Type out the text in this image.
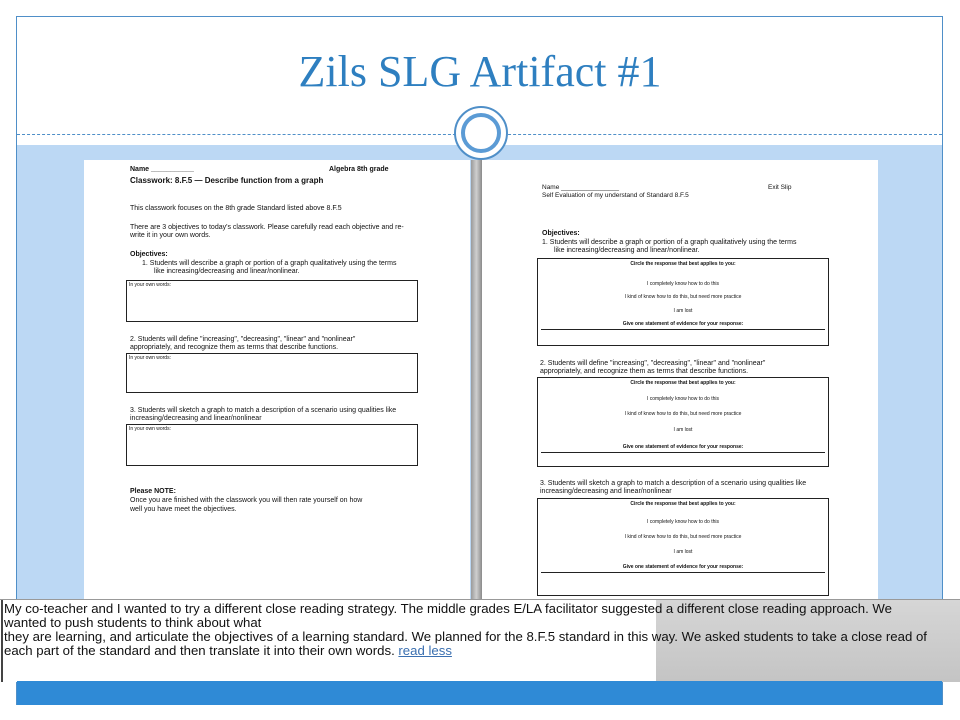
Zils SLG Artifact #1
Name ___________	Algebra 8th grade
Classwork: 8.F.5 — Describe function from a graph
This classwork focuses on the 8th grade Standard listed above 8.F.5
There are 3 objectives to today's classwork. Please carefully read each objective and re-
write it in your own words.
Objectives:
1. Students will describe a graph or portion of a graph qualitatively using the terms
like increasing/decreasing and linear/nonlinear.
In your own words:
2. Students will define "increasing", "decreasing", "linear" and "nonlinear"
appropriately, and recognize them as terms that describe functions.
In your own words:
3. Students will sketch a graph to match a description of a scenario using qualities like
increasing/decreasing and linear/nonlinear
In your own words:
Please NOTE:
Once you are finished with the classwork you will then rate yourself on how
well you have meet the objectives.
Name ________________	Exit Slip
Self Evaluation of my understand of Standard 8.F.5
Objectives:
1. Students will describe a graph or portion of a graph qualitatively using the terms
like increasing/decreasing and linear/nonlinear.
Circle the response that best applies to you:
I completely know how to do this
I kind of know how to do this, but need more practice
I am lost
Give one statement of evidence for your response:
2. Students will define "increasing", "decreasing", "linear" and "nonlinear"
appropriately, and recognize them as terms that describe functions.
Circle the response that best applies to you:
I completely know how to do this
I kind of know how to do this, but need more practice
I am lost
Give one statement of evidence for your response:
3. Students will sketch a graph to match a description of a scenario using qualities like
increasing/decreasing and linear/nonlinear
Circle the response that best applies to you:
I completely know how to do this
I kind of know how to do this, but need more practice
I am lost
Give one statement of evidence for your response:
My co-teacher and I wanted to try a different close reading strategy. The middle grades E/LA facilitator suggested a different close reading approach. We
wanted to push students to think about what
they are learning, and articulate the objectives of a learning standard. We planned for the 8.F.5 standard in this way. We asked students to take a close read of
each part of the standard and then translate it into their own words. read less
